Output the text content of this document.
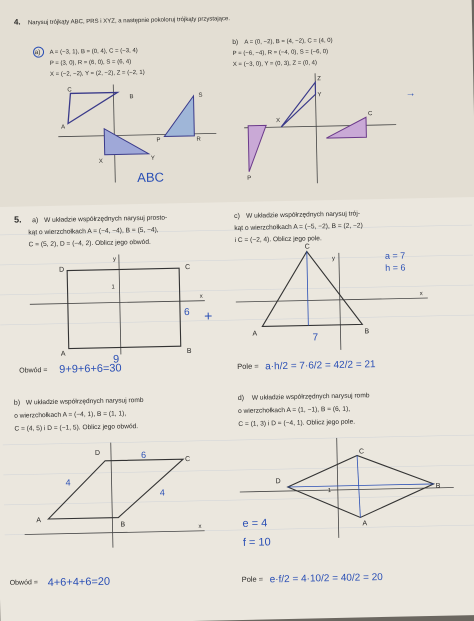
4. Narysuj trójkąty ABC, PRS i XYZ, a następnie pokoloruj trójkąty przystające.
a) A = (−3, 1), B = (0, 4), C = (−3, 4)
P = (3, 0), R = (6, 0), S = (6, 4)
X = (−2, −2), Y = (2, −2), Z = (−2, 1)
b) A = (0, −2), B = (4, −2), C = (4, 0)
P = (−6, −4), R = (−4, 0), S = (−6, 0)
X = (−3, 0), Y = (0, 3), Z = (0, 4)
A
B
C
X
Y
S
R
P
ABC
Z
Y
X
C
P
→
5. a) W układzie współrzędnych narysuj prosto-
kąt o wierzchołkach A = (−4, −4), B = (5, −4),
C = (5, 2), D = (−4, 2). Oblicz jego obwód.
x
y
1
D	C
A	B
9
6 +
Obwód = 9+9+6+6=30
c) W układzie współrzędnych narysuj trój-
kąt o wierzchołkach A = (−5, −2), B = (2, −2)
i C = (−2, 4). Oblicz jego pole.
x
y
A	B
C
7
a = 7
h = 6
Pole = a·h/2 = 7·6/2 = 42/2 = 21
b) W układzie współrzędnych narysuj romb
o wierzchołkach A = (−4, 1), B = (1, 1),
C = (4, 5) i D = (−1, 5). Oblicz jego obwód.
x
A
B
C
D	6
4
4
Obwód = 4+6+4+6=20
d) W układzie współrzędnych narysuj romb
o wierzchołkach A = (1, −1), B = (6, 1),
C = (1, 3) i D = (−4, 1). Oblicz jego pole.
D
C
B
A
1
e = 4
f = 10
Pole = e·f/2 = 4·10/2 = 40/2 = 20
